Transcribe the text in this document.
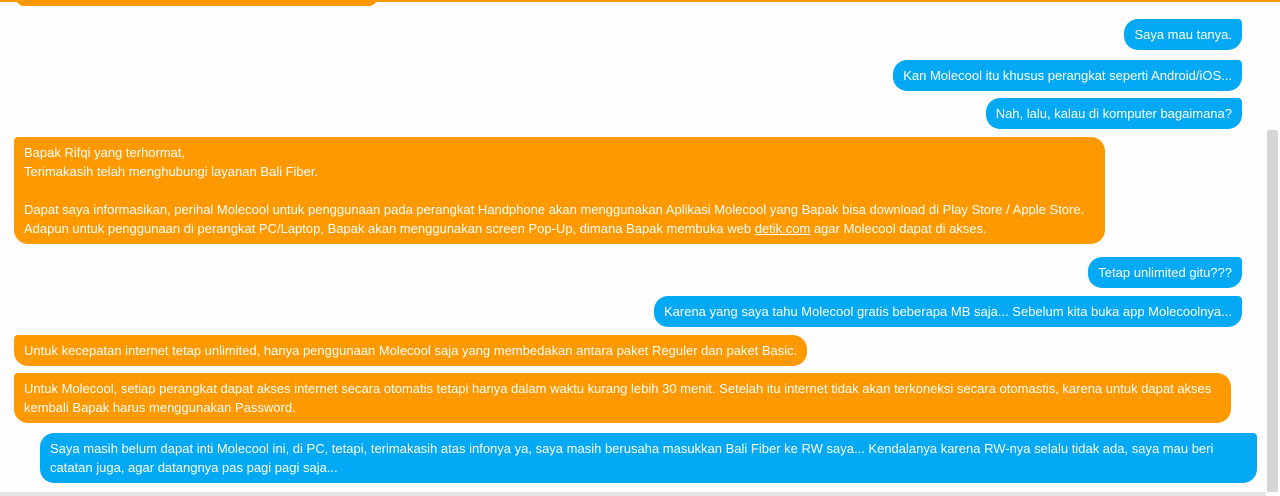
Saya mau tanya.
Kan Molecool itu khusus perangkat seperti Android/iOS...
Nah, lalu, kalau di komputer bagaimana?
Bapak Rifqi yang terhormat,
Terimakasih telah menghubungi layanan Bali Fiber.
Dapat saya informasikan, perihal Molecool untuk penggunaan pada perangkat Handphone akan menggunakan Aplikasi Molecool yang Bapak bisa download di Play Store / Apple Store.
Adapun untuk penggunaan di perangkat PC/Laptop, Bapak akan menggunakan screen Pop-Up, dimana Bapak membuka web detik.com agar Molecool dapat di akses.
Tetap unlimited gitu???
Karena yang saya tahu Molecool gratis beberapa MB saja... Sebelum kita buka app Molecoolnya...
Untuk kecepatan internet tetap unlimited, hanya penggunaan Molecool saja yang membedakan antara paket Reguler dan paket Basic.
Untuk Molecool, setiap perangkat dapat akses internet secara otomatis tetapi hanya dalam waktu kurang lebih 30 menit. Setelah itu internet tidak akan terkoneksi secara otomastis, karena untuk dapat akses kembali Bapak harus menggunakan Password.
Saya masih belum dapat inti Molecool ini, di PC, tetapi, terimakasih atas infonya ya, saya masih berusaha masukkan Bali Fiber ke RW saya... Kendalanya karena RW-nya selalu tidak ada, saya mau beri catatan juga, agar datangnya pas pagi pagi saja...
